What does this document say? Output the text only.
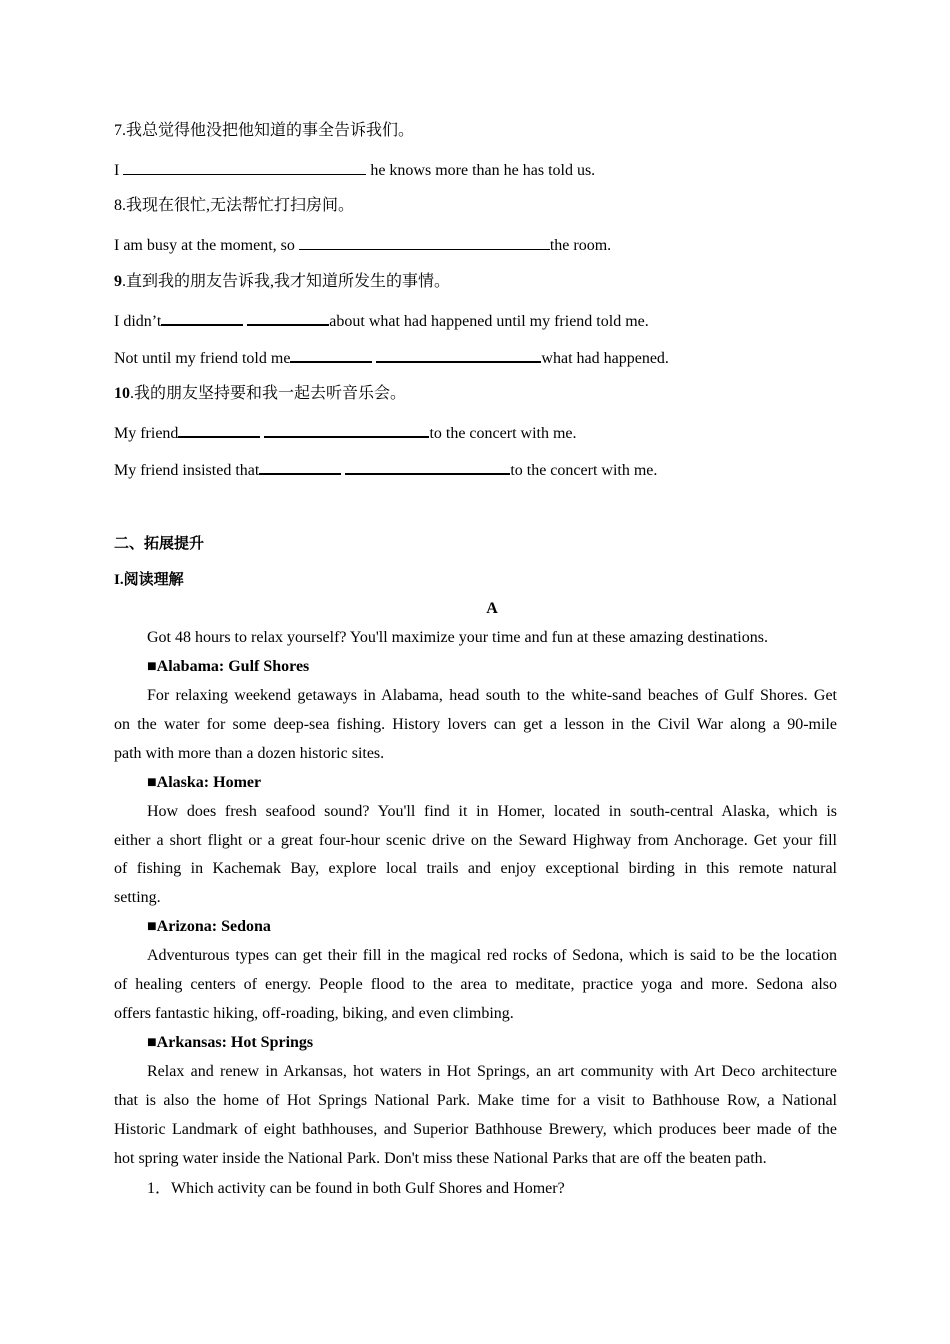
7.我总觉得他没把他知道的事全告诉我们。
I	he knows more than he has told us.
8.我现在很忙,无法帮忙打扫房间。
I am busy at the moment, so	the room.
9.直到我的朋友告诉我,我才知道所发生的事情。
I didn’t	about what had happened until my friend told me.
Not until my friend told me	what had happened.
10.我的朋友坚持要和我一起去听音乐会。
My friend	to the concert with me.
My friend insisted that	to the concert with me.
二、拓展提升
I.阅读理解
A
Got 48 hours to relax yourself? You'll maximize your time and fun at these amazing destinations.
■Alabama: Gulf Shores
For relaxing weekend getaways in Alabama, head south to the white-sand beaches of Gulf Shores. Get
on the water for some deep-sea fishing. History lovers can get a lesson in the Civil War along a 90-mile
path with more than a dozen historic sites.
■Alaska: Homer
How does fresh seafood sound? You'll find it in Homer, located in south-central Alaska, which is
either a short flight or a great four-hour scenic drive on the Seward Highway from Anchorage. Get your fill
of fishing in Kachemak Bay, explore local trails and enjoy exceptional birding in this remote natural
setting.
■Arizona: Sedona
Adventurous types can get their fill in the magical red rocks of Sedona, which is said to be the location
of healing centers of energy. People flood to the area to meditate, practice yoga and more. Sedona also
offers fantastic hiking, off-roading, biking, and even climbing.
■Arkansas: Hot Springs
Relax and renew in Arkansas, hot waters in Hot Springs, an art community with Art Deco architecture
that is also the home of Hot Springs National Park. Make time for a visit to Bathhouse Row, a National
Historic Landmark of eight bathhouses, and Superior Bathhouse Brewery, which produces beer made of the
hot spring water inside the National Park. Don't miss these National Parks that are off the beaten path.
1．Which activity can be found in both Gulf Shores and Homer?
